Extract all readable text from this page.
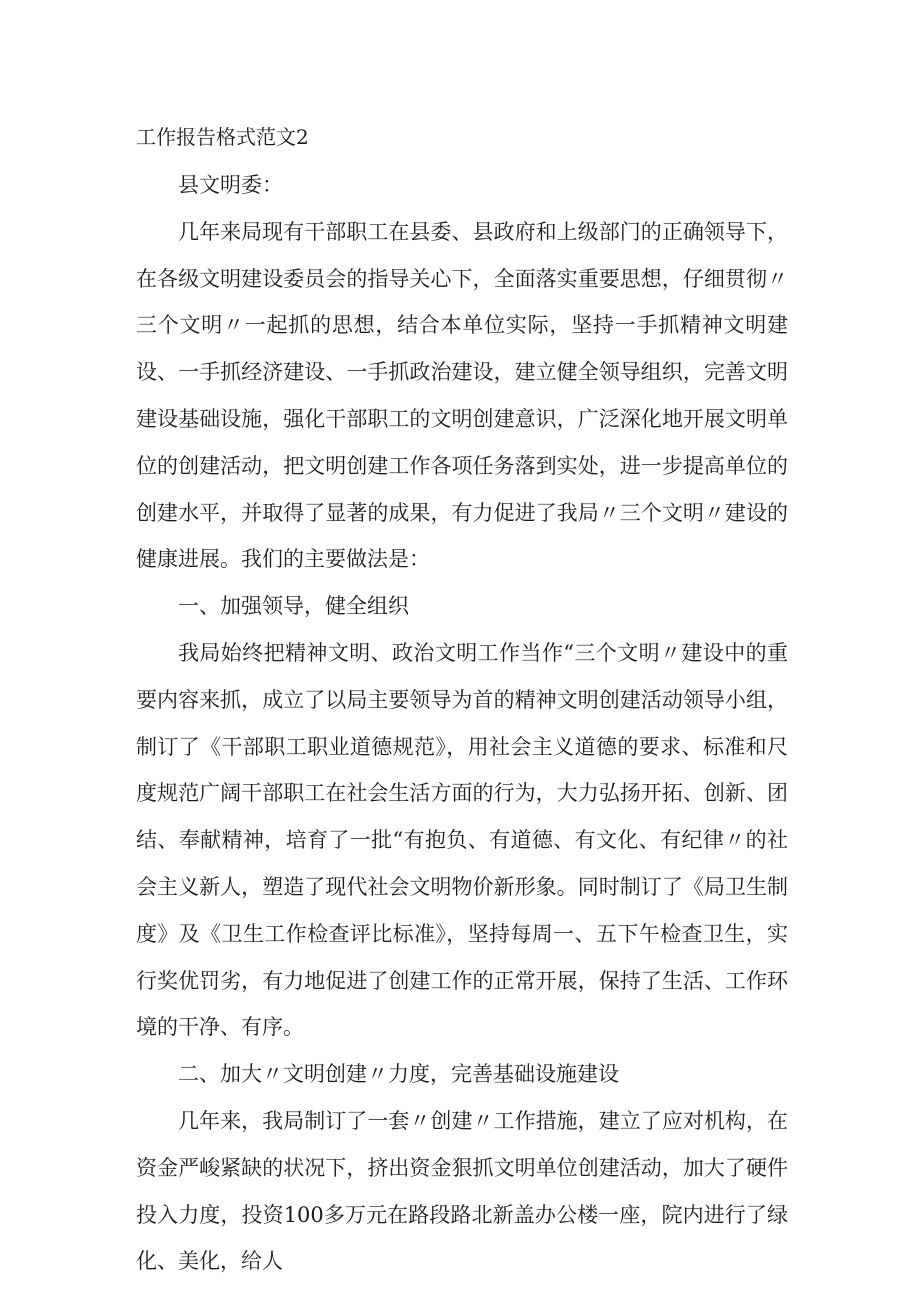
工作报告格式范文2

县文明委：

几年来局现有干部职工在县委、县政府和上级部门的正确领导下，在各级文明建设委员会的指导关心下，全面落实重要思想，仔细贯彻〃三个文明〃一起抓的思想，结合本单位实际，坚持一手抓精神文明建设、一手抓经济建设、一手抓政治建设，建立健全领导组织，完善文明建设基础设施，强化干部职工的文明创建意识，广泛深化地开展文明单位的创建活动，把文明创建工作各项任务落到实处，进一步提高单位的创建水平，并取得了显著的成果，有力促进了我局〃三个文明〃建设的健康进展。我们的主要做法是：

一、加强领导，健全组织

我局始终把精神文明、政治文明工作当作“三个文明〃建设中的重要内容来抓，成立了以局主要领导为首的精神文明创建活动领导小组，制订了《干部职工职业道德规范》，用社会主义道德的要求、标准和尺度规范广阔干部职工在社会生活方面的行为，大力弘扬开拓、创新、团结、奉献精神，培育了一批“有抱负、有道德、有文化、有纪律〃的社会主义新人，塑造了现代社会文明物价新形象。同时制订了《局卫生制度》及《卫生工作检查评比标准》，坚持每周一、五下午检查卫生，实行奖优罚劣，有力地促进了创建工作的正常开展，保持了生活、工作环境的干净、有序。

二、加大〃文明创建〃力度，完善基础设施建设

几年来，我局制订了一套〃创建〃工作措施，建立了应对机构，在资金严峻紧缺的状况下，挤出资金狠抓文明单位创建活动，加大了硬件投入力度，投资100多万元在路段路北新盖办公楼一座，院内进行了绿化、美化，给人
